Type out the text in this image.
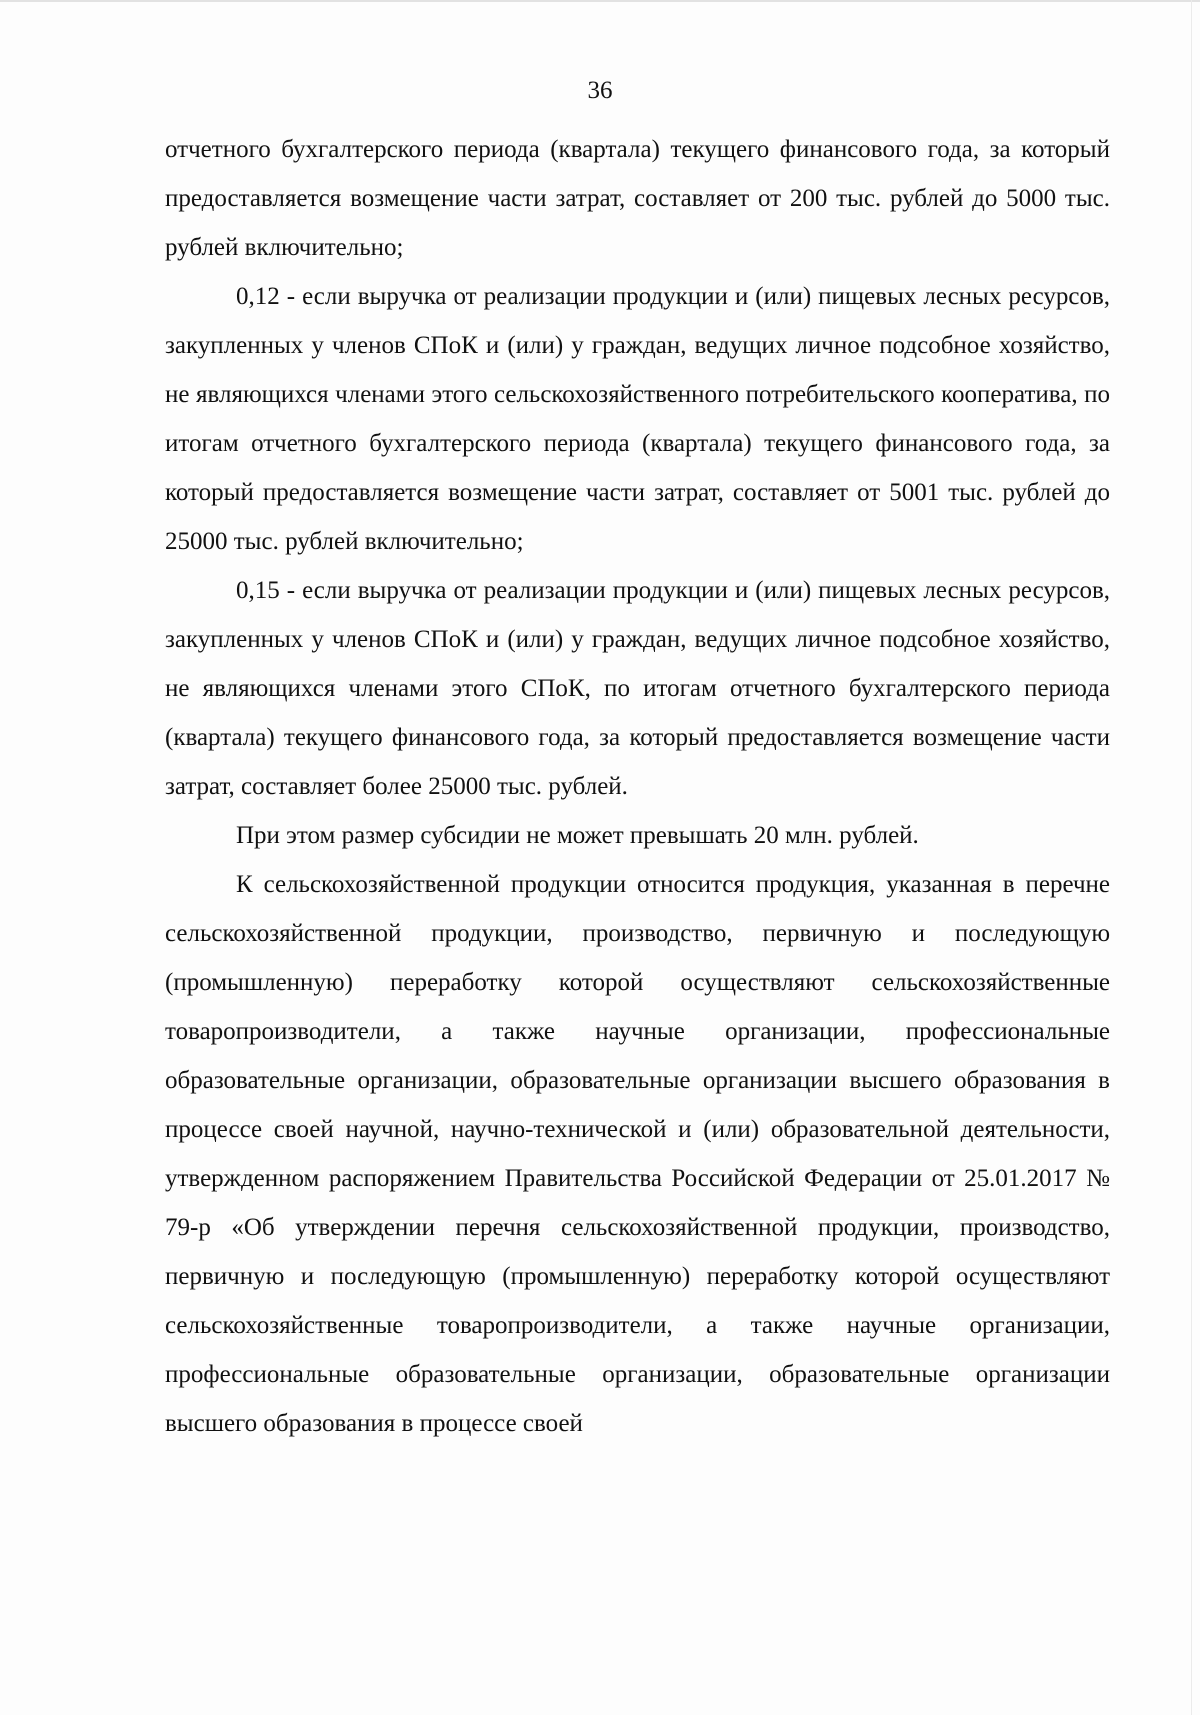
36

отчетного бухгалтерского периода (квартала) текущего финансового года, за который предоставляется возмещение части затрат, составляет от 200 тыс. рублей до 5000 тыс. рублей включительно;

0,12 - если выручка от реализации продукции и (или) пищевых лесных ресурсов, закупленных у членов СПоК и (или) у граждан, ведущих личное подсобное хозяйство, не являющихся членами этого сельскохозяйственного потребительского кооператива, по итогам отчетного бухгалтерского периода (квартала) текущего финансового года, за который предоставляется возмещение части затрат, составляет от 5001 тыс. рублей до 25000 тыс. рублей включительно;

0,15 - если выручка от реализации продукции и (или) пищевых лесных ресурсов, закупленных у членов СПоК и (или) у граждан, ведущих личное подсобное хозяйство, не являющихся членами этого СПоК, по итогам отчетного бухгалтерского периода (квартала) текущего финансового года, за который предоставляется возмещение части затрат, составляет более 25000 тыс. рублей.

При этом размер субсидии не может превышать 20 млн. рублей.

К сельскохозяйственной продукции относится продукция, указанная в перечне сельскохозяйственной продукции, производство, первичную и последующую (промышленную) переработку которой осуществляют сельскохозяйственные товаропроизводители, а также научные организации, профессиональные образовательные организации, образовательные организации высшего образования в процессе своей научной, научно-технической и (или) образовательной деятельности, утвержденном распоряжением Правительства Российской Федерации от 25.01.2017 № 79-р «Об утверждении перечня сельскохозяйственной продукции, производство, первичную и последующую (промышленную) переработку которой осуществляют сельскохозяйственные товаропроизводители, а также научные организации, профессиональные образовательные организации, образовательные организации высшего образования в процессе своей
